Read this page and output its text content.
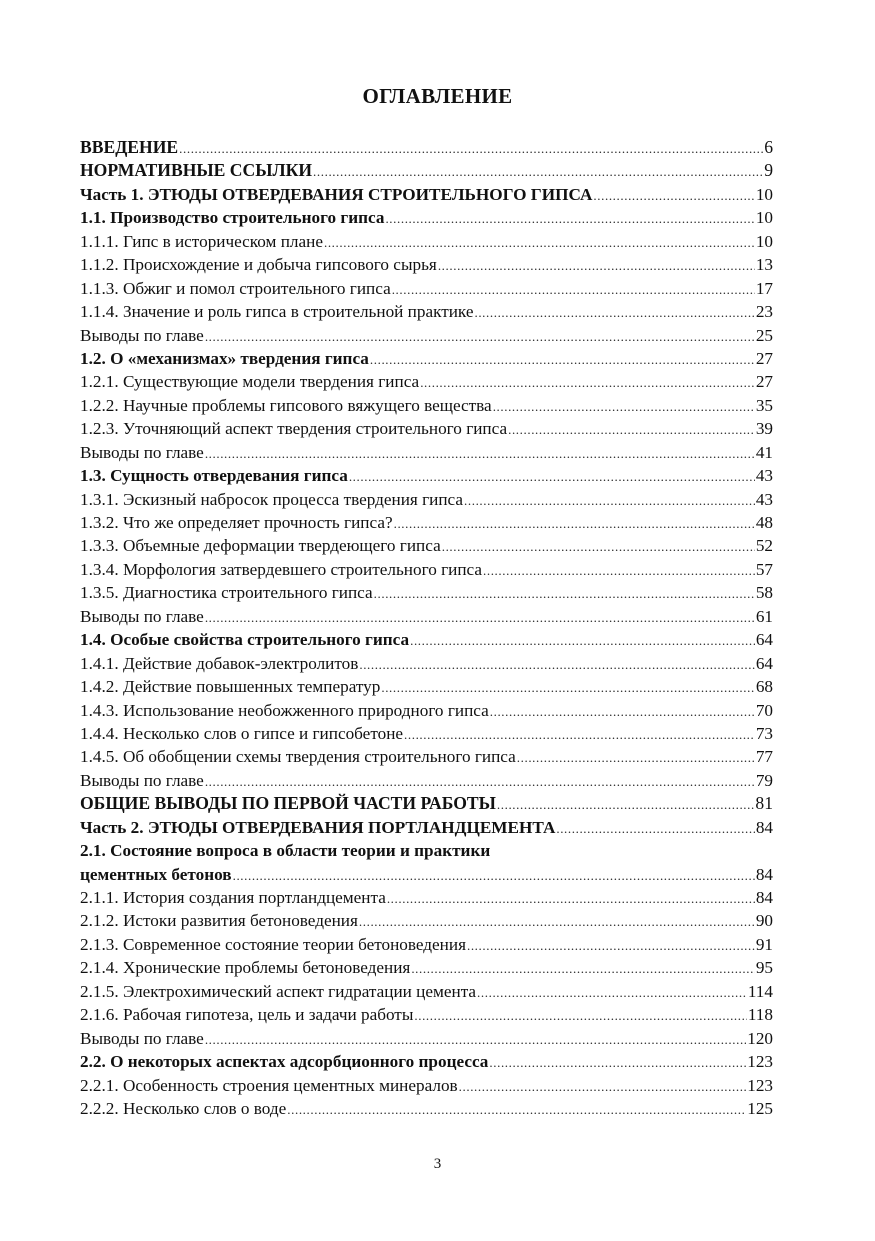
ОГЛАВЛЕНИЕ
ВВЕДЕНИЕ .....	6
НОРМАТИВНЫЕ ССЫЛКИ .....	9
Часть 1. ЭТЮДЫ ОТВЕРДЕВАНИЯ СТРОИТЕЛЬНОГО ГИПСА .....	10
1.1. Производство строительного гипса .....	10
1.1.1. Гипс в историческом плане .....	10
1.1.2. Происхождение и добыча гипсового сырья .....	13
1.1.3. Обжиг и помол строительного гипса .....	17
1.1.4. Значение и роль гипса в строительной практике .....	23
Выводы по главе .....	25
1.2. О «механизмах» твердения гипса .....	27
1.2.1. Существующие модели твердения гипса .....	27
1.2.2. Научные проблемы гипсового вяжущего вещества .....	35
1.2.3. Уточняющий аспект твердения строительного гипса .....	39
Выводы по главе .....	41
1.3. Сущность отвердевания гипса .....	43
1.3.1. Эскизный набросок процесса твердения гипса .....	43
1.3.2. Что же определяет прочность гипса? .....	48
1.3.3. Объемные деформации твердеющего гипса .....	52
1.3.4. Морфология затвердевшего строительного гипса .....	57
1.3.5. Диагностика строительного гипса .....	58
Выводы по главе .....	61
1.4. Особые свойства строительного гипса .....	64
1.4.1. Действие добавок-электролитов .....	64
1.4.2. Действие повышенных температур .....	68
1.4.3. Использование необожженного природного гипса .....	70
1.4.4. Несколько слов о гипсе и гипсобетоне .....	73
1.4.5. Об обобщении схемы твердения строительного гипса .....	77
Выводы по главе .....	79
ОБЩИЕ ВЫВОДЫ ПО ПЕРВОЙ ЧАСТИ РАБОТЫ .....	81
Часть 2. ЭТЮДЫ ОТВЕРДЕВАНИЯ ПОРТЛАНДЦЕМЕНТА .....	84
2.1. Состояние вопроса в области теории и практики
цементных бетонов .....	84
2.1.1. История создания портландцемента .....	84
2.1.2. Истоки развития бетоноведения .....	90
2.1.3. Современное состояние теории бетоноведения .....	91
2.1.4. Хронические проблемы бетоноведения .....	95
2.1.5. Электрохимический аспект гидратации цемента .....	114
2.1.6. Рабочая гипотеза, цель и задачи работы .....	118
Выводы по главе .....	120
2.2. О некоторых аспектах адсорбционного процесса .....	123
2.2.1. Особенность строения цементных минералов .....	123
2.2.2. Несколько слов о воде .....	125
3
